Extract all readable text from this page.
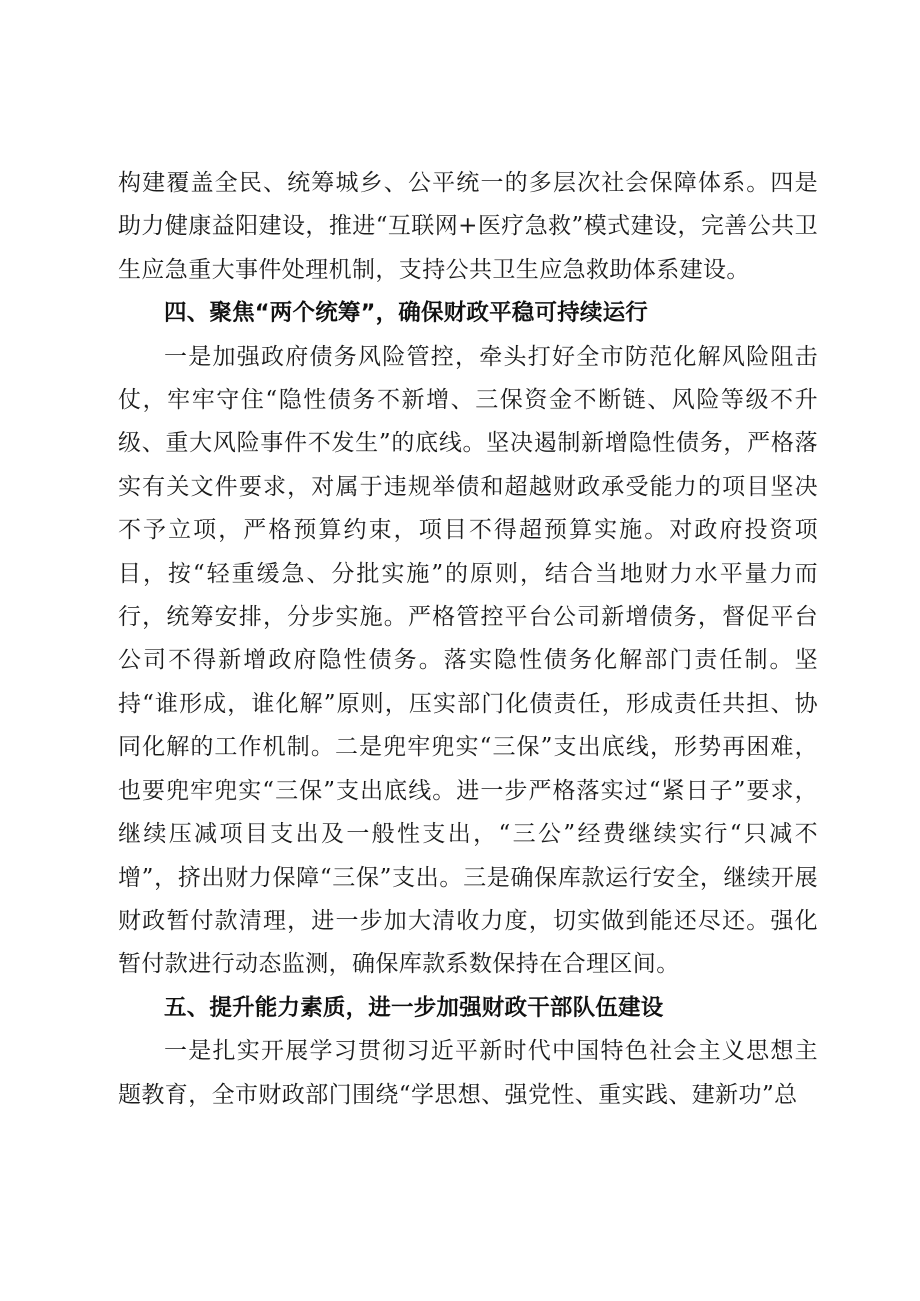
构建覆盖全民、统筹城乡、公平统一的多层次社会保障体系。四是助力健康益阳建设，推进“互联网+医疗急救”模式建设，完善公共卫生应急重大事件处理机制，支持公共卫生应急救助体系建设。

四、聚焦“两个统筹”，确保财政平稳可持续运行

一是加强政府债务风险管控，牵头打好全市防范化解风险阻击仗，牢牢守住“隐性债务不新增、三保资金不断链、风险等级不升级、重大风险事件不发生”的底线。坚决遏制新增隐性债务，严格落实有关文件要求，对属于违规举债和超越财政承受能力的项目坚决不予立项，严格预算约束，项目不得超预算实施。对政府投资项目，按“轻重缓急、分批实施”的原则，结合当地财力水平量力而行，统筹安排，分步实施。严格管控平台公司新增债务，督促平台公司不得新增政府隐性债务。落实隐性债务化解部门责任制。坚持“谁形成，谁化解”原则，压实部门化债责任，形成责任共担、协同化解的工作机制。二是兜牢兜实“三保”支出底线，形势再困难，也要兜牢兜实“三保”支出底线。进一步严格落实过“紧日子”要求，继续压减项目支出及一般性支出，“三公”经费继续实行“只减不增”，挤出财力保障“三保”支出。三是确保库款运行安全，继续开展财政暂付款清理，进一步加大清收力度，切实做到能还尽还。强化暂付款进行动态监测，确保库款系数保持在合理区间。

五、提升能力素质，进一步加强财政干部队伍建设

一是扎实开展学习贯彻习近平新时代中国特色社会主义思想主题教育，全市财政部门围绕“学思想、强党性、重实践、建新功”总
